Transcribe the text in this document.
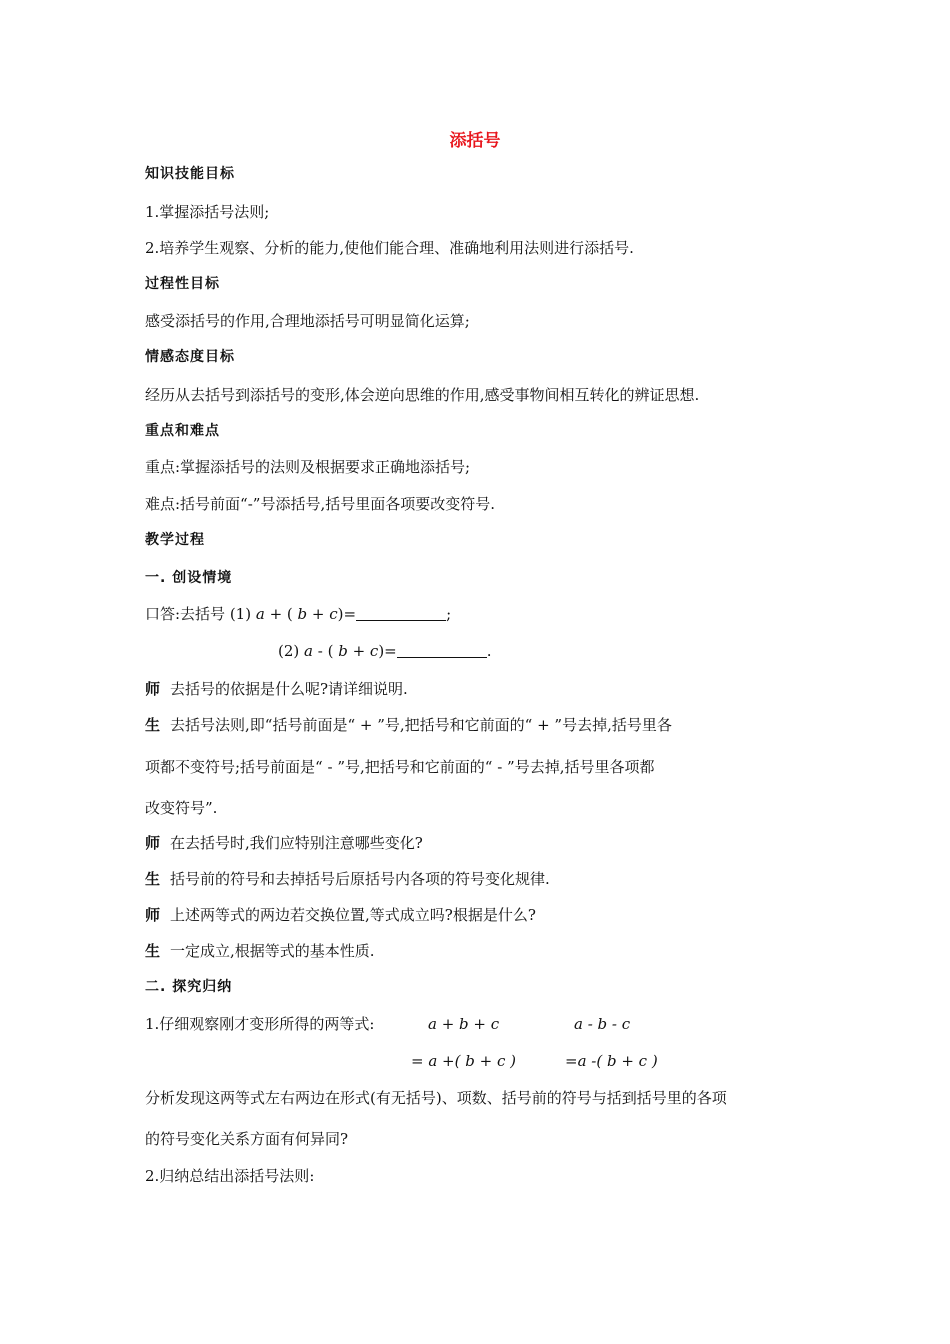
添括号
知识技能目标
1.掌握添括号法则;
2.培养学生观察、分析的能力,使他们能合理、准确地利用法则进行添括号.
过程性目标
感受添括号的作用,合理地添括号可明显简化运算;
情感态度目标
经历从去括号到添括号的变形,体会逆向思维的作用,感受事物间相互转化的辨证思想.
重点和难点
重点:掌握添括号的法则及根据要求正确地添括号;
难点:括号前面“-”号添括号,括号里面各项要改变符号.
教学过程
一. 创设情境
口答:去括号 (1) a + ( b + c)=	;
(2) a - ( b + c)=	.
师 去括号的依据是什么呢?请详细说明.
生 去括号法则,即“括号前面是“ + ”号,把括号和它前面的“ + ”号去掉,括号里各
项都不变符号;括号前面是“ - ”号,把括号和它前面的“ - ”号去掉,括号里各项都
改变符号”.
师 在去括号时,我们应特别注意哪些变化?
生 括号前的符号和去掉括号后原括号内各项的符号变化规律.
师 上述两等式的两边若交换位置,等式成立吗?根据是什么?
生 一定成立,根据等式的基本性质.
二. 探究归纳
1.仔细观察刚才变形所得的两等式:	a + b + c	a - b - c
= a +( b + c )	=a -( b + c )
分析发现这两等式左右两边在形式(有无括号)、项数、括号前的符号与括到括号里的各项
的符号变化关系方面有何异同?
2.归纳总结出添括号法则:
